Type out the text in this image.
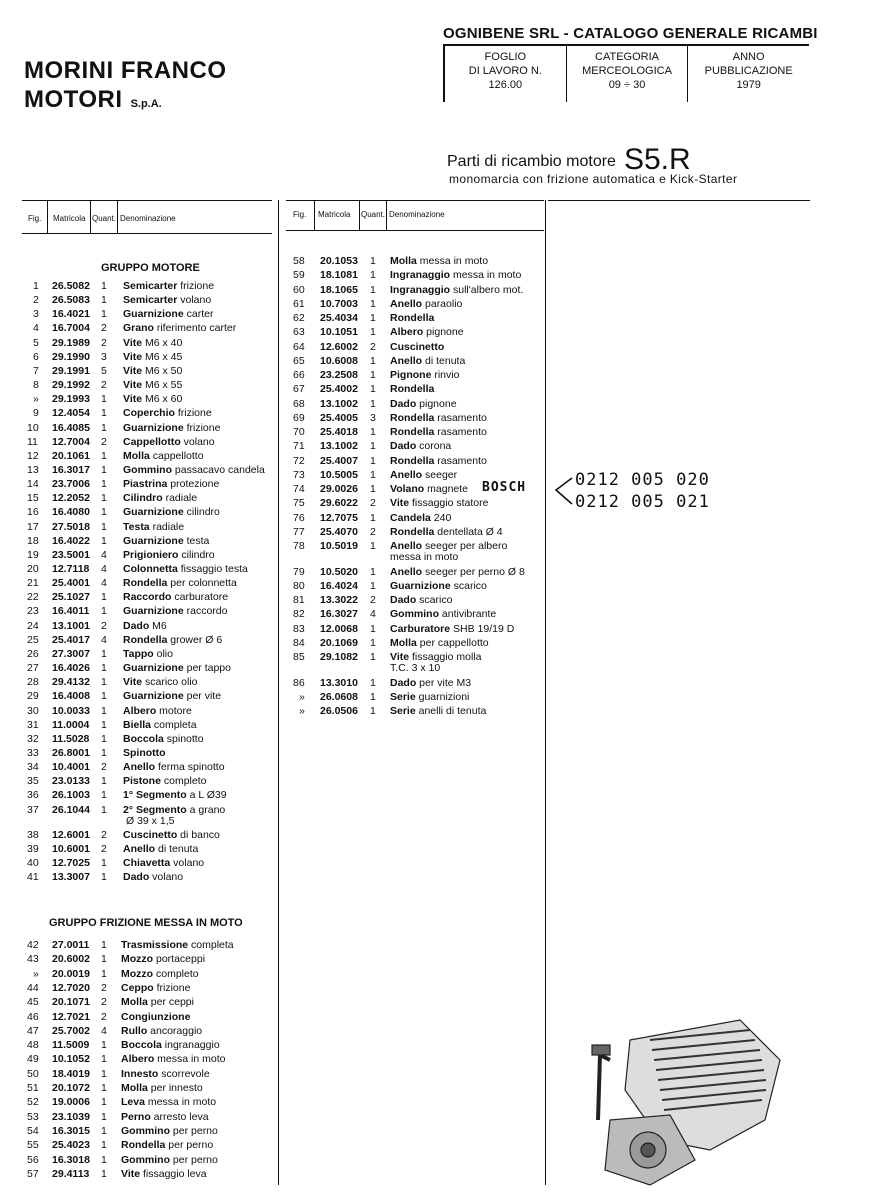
MORINI FRANCO
MOTORI S.p.A.
OGNIBENE SRL - CATALOGO GENERALE RICAMBI
FOGLIO
DI LAVORO N.
126.00
CATEGORIA
MERCEOLOGICA
09 ÷ 30
ANNO
PUBBLICAZIONE
1979
Parti di ricambio motore S5.R
monomarcia con frizione automatica e Kick-Starter
Fig. Matricola Quant. Denominazione	Fig. Matricola Quant. Denominazione
GRUPPO MOTORE
GRUPPO FRIZIONE MESSA IN MOTO
1 26.5082 1 Semicarter frizione
2 26.5083 1 Semicarter volano
3 16.4021 1 Guarnizione carter
4 16.7004 2 Grano riferimento carter
5 29.1989 2 Vite M6 x 40
6 29.1990 3 Vite M6 x 45
7 29.1991 5 Vite M6 x 50
8 29.1992 2 Vite M6 x 55
» 29.1993 1 Vite M6 x 60
9 12.4054 1 Coperchio frizione
10 16.4085 1 Guarnizione frizione
11 12.7004 2 Cappellotto volano
12 20.1061 1 Molla cappellotto
13 16.3017 1 Gommino passacavo candela
14 23.7006 1 Piastrina protezione
15 12.2052 1 Cilindro radiale
16 16.4080 1 Guarnizione cilindro
17 27.5018 1 Testa radiale
18 16.4022 1 Guarnizione testa
19 23.5001 4 Prigioniero cilindro
20 12.7118 4 Colonnetta fissaggio testa
21 25.4001 4 Rondella per colonnetta
22 25.1027 1 Raccordo carburatore
23 16.4011 1 Guarnizione raccordo
24 13.1001 2 Dado M6
25 25.4017 4 Rondella grower Ø 6
26 27.3007 1 Tappo olio
27 16.4026 1 Guarnizione per tappo
28 29.4132 1 Vite scarico olio
29 16.4008 1 Guarnizione per vite
30 10.0033 1 Albero motore
31 11.0004 1 Biella completa
32 11.5028 1 Boccola spinotto
33 26.8001 1 Spinotto
34 10.4001 2 Anello ferma spinotto
35 23.0133 1 Pistone completo
36 26.1003 1 1° Segmento a L Ø39
37 26.1044 1 2° Segmento a grano
Ø 39 x 1,5
38 12.6001 2 Cuscinetto di banco
39 10.6001 2 Anello di tenuta
40 12.7025 1 Chiavetta volano
41 13.3007 1 Dado volano
42 27.0011 1 Trasmissione completa
43 20.6002 1 Mozzo portaceppi
» 20.0019 1 Mozzo completo
44 12.7020 2 Ceppo frizione
45 20.1071 2 Molla per ceppi
46 12.7021 2 Congiunzione
47 25.7002 4 Rullo ancoraggio
48 11.5009 1 Boccola ingranaggio
49 10.1052 1 Albero messa in moto
50 18.4019 1 Innesto scorrevole
51 20.1072 1 Molla per innesto
52 19.0006 1 Leva messa in moto
53 23.1039 1 Perno arresto leva
54 16.3015 1 Gommino per perno
55 25.4023 1 Rondella per perno
56 16.3018 1 Gommino per perno
57 29.4113 1 Vite fissaggio leva
58 20.1053 1 Molla messa in moto
59 18.1081 1 Ingranaggio messa in moto
60 18.1065 1 Ingranaggio sull'albero mot.
61 10.7003 1 Anello paraolio
62 25.4034 1 Rondella
63 10.1051 1 Albero pignone
64 12.6002 2 Cuscinetto
65 10.6008 1 Anello di tenuta
66 23.2508 1 Pignone rinvio
67 25.4002 1 Rondella
68 13.1002 1 Dado pignone
69 25.4005 3 Rondella rasamento
70 25.4018 1 Rondella rasamento
71 13.1002 1 Dado corona
72 25.4007 1 Rondella rasamento
73 10.5005 1 Anello seeger
74 29.0026 1 Volano magnete
75 29.6022 2 Vite fissaggio statore
76 12.7075 1 Candela 240
77 25.4070 2 Rondella dentellata Ø 4
78 10.5019 1 Anello seeger per albero
messa in moto
79 10.5020 1 Anello seeger per perno Ø 8
80 16.4024 1 Guarnizione scarico
81 13.3022 2 Dado scarico
82 16.3027 4 Gommino antivibrante
83 12.0068 1 Carburatore SHB 19/19 D
84 20.1069 1 Molla per cappellotto
85 29.1082 1 Vite fissaggio molla
T.C. 3 x 10
86 13.3010 1 Dado per vite M3
» 26.0608 1 Serie guarnizioni
» 26.0506 1 Serie anelli di tenuta
BOSCH	0212 005 020
0212 005 021
